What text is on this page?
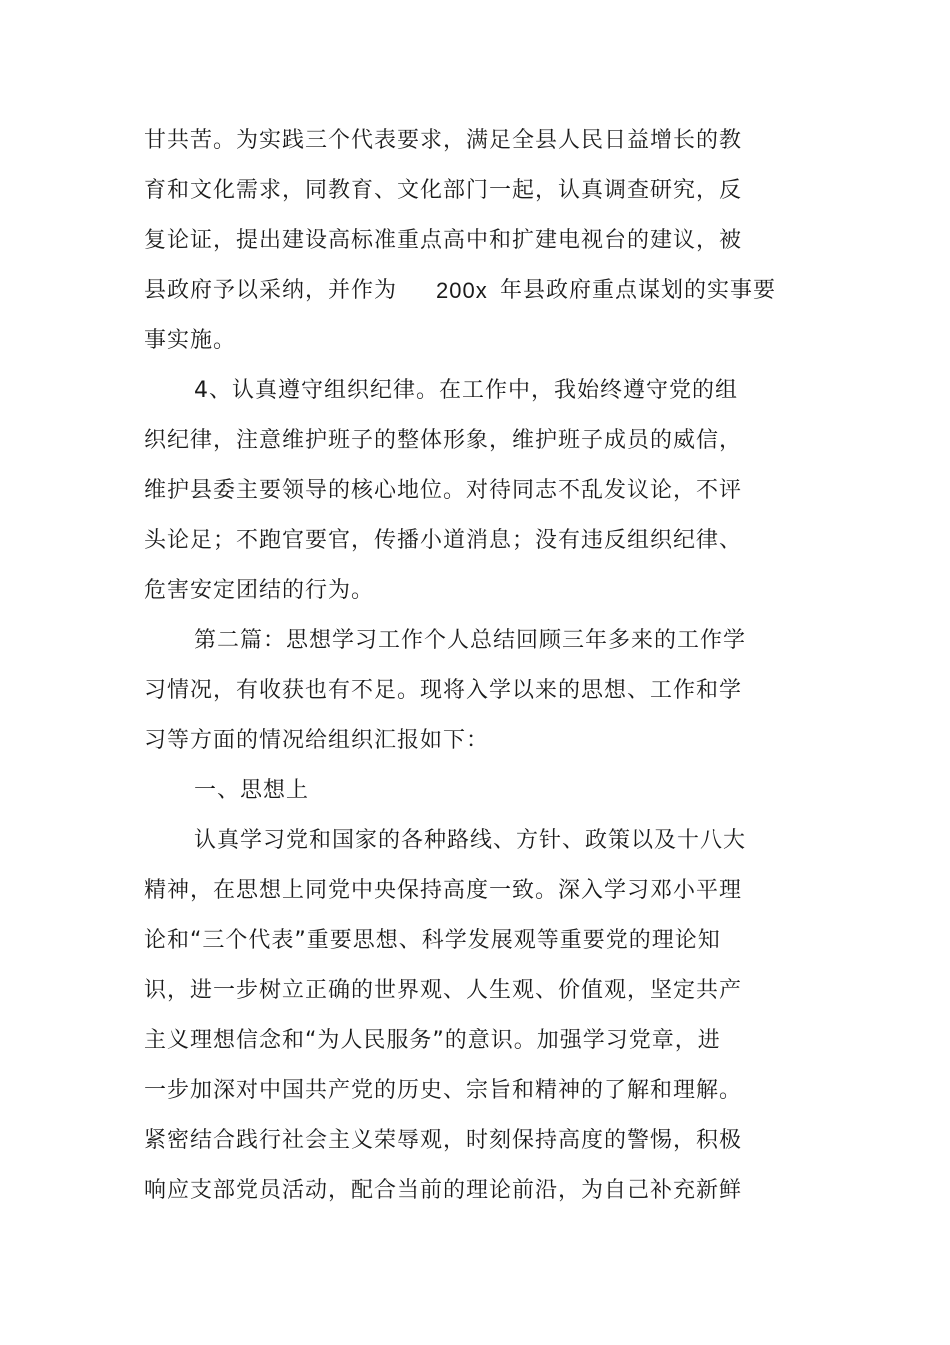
甘共苦。为实践三个代表要求，满足全县人民日益增长的教
育和文化需求，同教育、文化部门一起，认真调查研究，反
复论证，提出建设高标准重点高中和扩建电视台的建议，被
县政府予以采纳，并作为 200x 年县政府重点谋划的实事要
事实施。
4、认真遵守组织纪律。在工作中，我始终遵守党的组
织纪律，注意维护班子的整体形象，维护班子成员的威信，
维护县委主要领导的核心地位。对待同志不乱发议论，不评
头论足；不跑官要官，传播小道消息；没有违反组织纪律、
危害安定团结的行为。
第二篇：思想学习工作个人总结回顾三年多来的工作学
习情况，有收获也有不足。现将入学以来的思想、工作和学
习等方面的情况给组织汇报如下：
一、思想上
认真学习党和国家的各种路线、方针、政策以及十八大
精神，在思想上同党中央保持高度一致。深入学习邓小平理
论和“三个代表”重要思想、科学发展观等重要党的理论知
识，进一步树立正确的世界观、人生观、价值观，坚定共产
主义理想信念和“为人民服务”的意识。加强学习党章，进
一步加深对中国共产党的历史、宗旨和精神的了解和理解。
紧密结合践行社会主义荣辱观，时刻保持高度的警惕，积极
响应支部党员活动，配合当前的理论前沿，为自己补充新鲜
